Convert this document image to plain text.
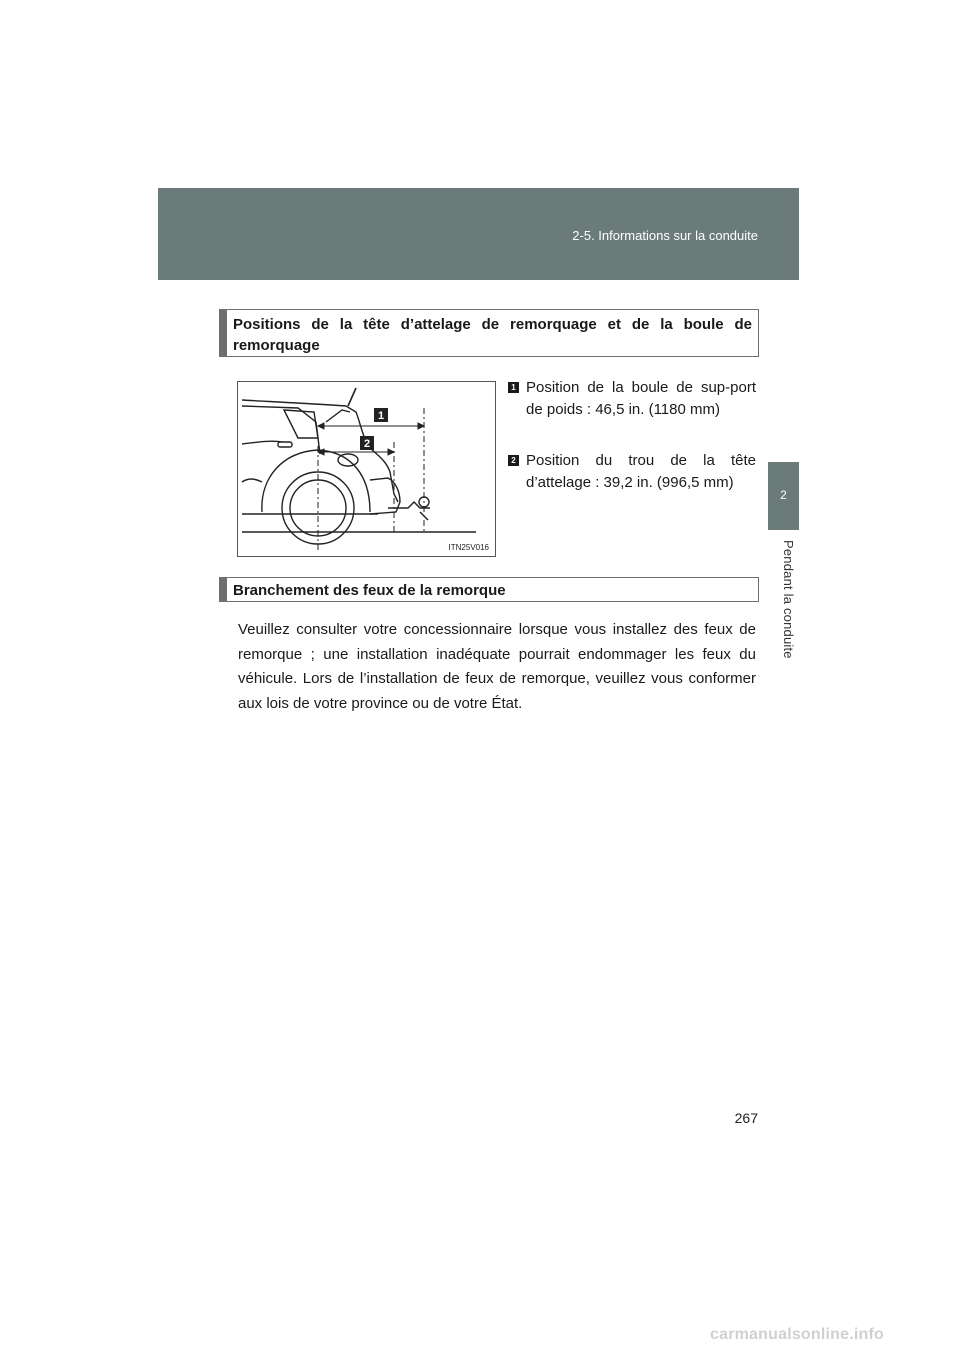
2-5. Informations sur la conduite
2
Pendant la conduite
Positions de la tête d’attelage de remorquage et de la boule de remorquage
1
2
ITN25V016
1 Position de la boule de sup-port de poids : 46,5 in. (1180 mm)
2 Position du trou de la tête d’attelage : 39,2 in. (996,5 mm)
Branchement des feux de la remorque
Veuillez consulter votre concessionnaire lorsque vous installez des feux de remorque ; une installation inadéquate pourrait endommager les feux du véhicule. Lors de l’installation de feux de remorque, veuillez vous conformer aux lois de votre province ou de votre État.
267
carmanualsonline.info
